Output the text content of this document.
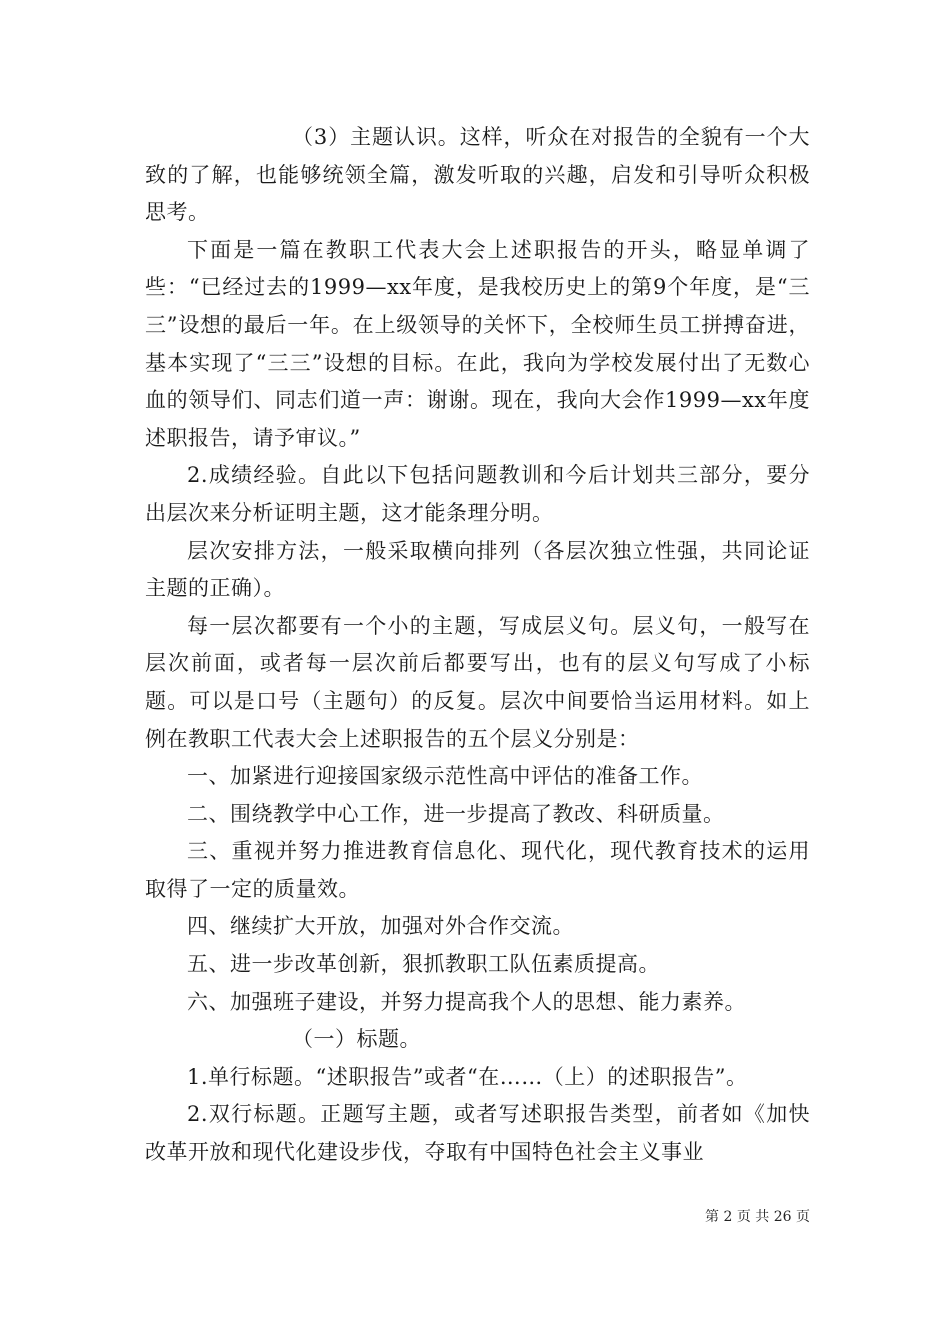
（3）主题认识。这样，听众在对报告的全貌有一个大致的了解，也能够统领全篇，激发听取的兴趣，启发和引导听众积极思考。

下面是一篇在教职工代表大会上述职报告的开头，略显单调了些：“已经过去的1999—xx年度，是我校历史上的第9个年度，是“三三”设想的最后一年。在上级领导的关怀下，全校师生员工拼搏奋进，基本实现了“三三”设想的目标。在此，我向为学校发展付出了无数心血的领导们、同志们道一声：谢谢。现在，我向大会作1999—xx年度述职报告，请予审议。”

2.成绩经验。自此以下包括问题教训和今后计划共三部分，要分出层次来分析证明主题，这才能条理分明。

层次安排方法，一般采取横向排列（各层次独立性强，共同论证主题的正确）。

每一层次都要有一个小的主题，写成层义句。层义句，一般写在层次前面，或者每一层次前后都要写出，也有的层义句写成了小标题。可以是口号（主题句）的反复。层次中间要恰当运用材料。如上例在教职工代表大会上述职报告的五个层义分别是：

一、加紧进行迎接国家级示范性高中评估的准备工作。

二、围绕教学中心工作，进一步提高了教改、科研质量。

三、重视并努力推进教育信息化、现代化，现代教育技术的运用取得了一定的质量效。

四、继续扩大开放，加强对外合作交流。

五、进一步改革创新，狠抓教职工队伍素质提高。

六、加强班子建设，并努力提高我个人的思想、能力素养。

（一）标题。

1.单行标题。“述职报告”或者“在……（上）的述职报告”。

2.双行标题。正题写主题，或者写述职报告类型，前者如《加快改革开放和现代化建设步伐，夺取有中国特色社会主义事业

第 2 页 共 26 页
